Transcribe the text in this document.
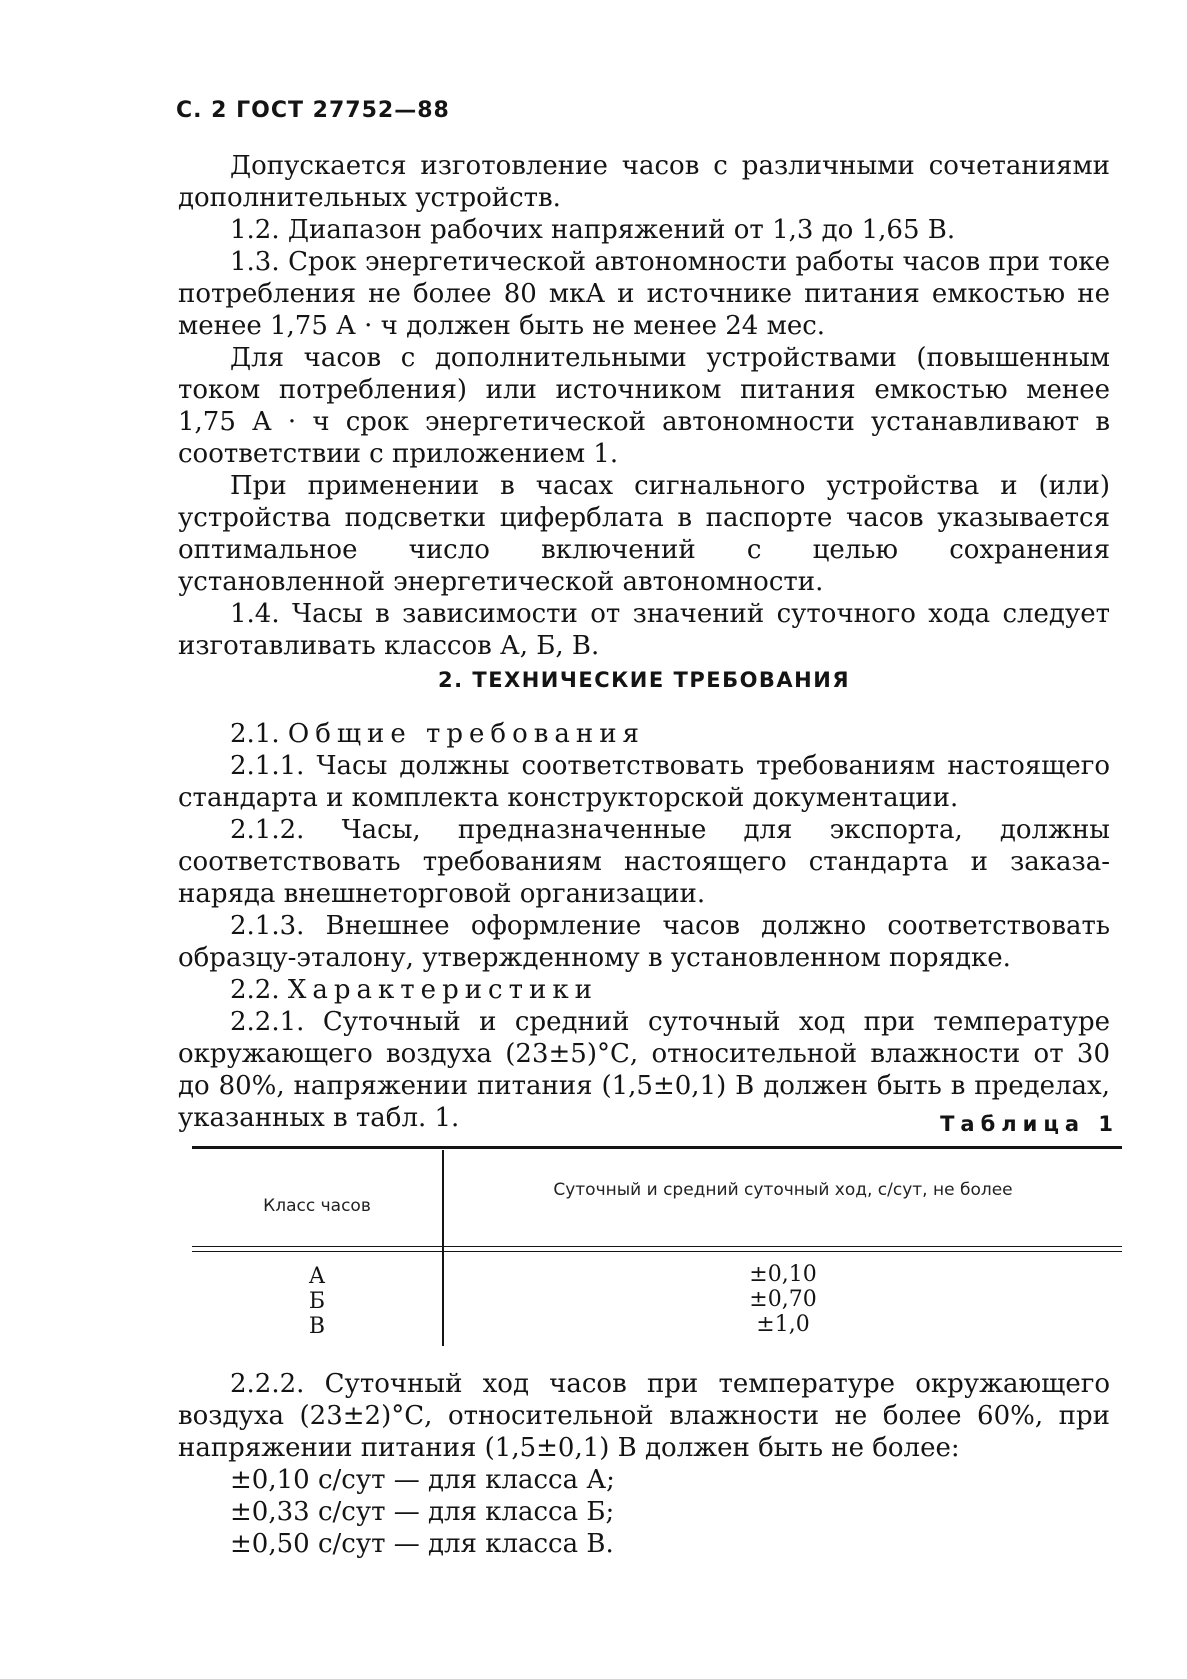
С. 2 ГОСТ 27752—88

Допускается изготовление часов с различными сочетаниями дополнительных устройств.

1.2. Диапазон рабочих напряжений от 1,3 до 1,65 В.

1.3. Срок энергетической автономности работы часов при токе потребления не более 80 мкА и источнике питания емкостью не менее 1,75 А · ч должен быть не менее 24 мес.

Для часов с дополнительными устройствами (повышенным током потребления) или источником питания емкостью менее 1,75 А · ч срок энергетической автономности устанавливают в соответствии с приложением 1.

При применении в часах сигнального устройства и (или) устройства подсветки циферблата в паспорте часов указывается оптимальное число включений с целью сохранения установленной энергетической автономности.

1.4. Часы в зависимости от значений суточного хода следует изготавливать классов А, Б, В.

2. ТЕХНИЧЕСКИЕ ТРЕБОВАНИЯ

2.1. Общие требования

2.1.1. Часы должны соответствовать требованиям настоящего стандарта и комплекта конструкторской документации.

2.1.2. Часы, предназначенные для экспорта, должны соответствовать требованиям настоящего стандарта и заказа-наряда внешнеторговой организации.

2.1.3. Внешнее оформление часов должно соответствовать образцу-эталону, утвержденному в установленном порядке.

2.2. Характеристики

2.2.1. Суточный и средний суточный ход при температуре окружающего воздуха (23±5)°С, относительной влажности от 30 до 80%, напряжении питания (1,5±0,1) В должен быть в пределах, указанных в табл. 1.	Таблица 1
Класс часов
Суточный и средний суточный ход, с/сут, не более
А
Б
В
±0,10
±0,70
±1,0

2.2.2. Суточный ход часов при температуре окружающего воздуха (23±2)°С, относительной влажности не более 60%, при напряжении питания (1,5±0,1) В должен быть не более:

±0,10 с/сут — для класса А;

±0,33 с/сут — для класса Б;

±0,50 с/сут — для класса В.
